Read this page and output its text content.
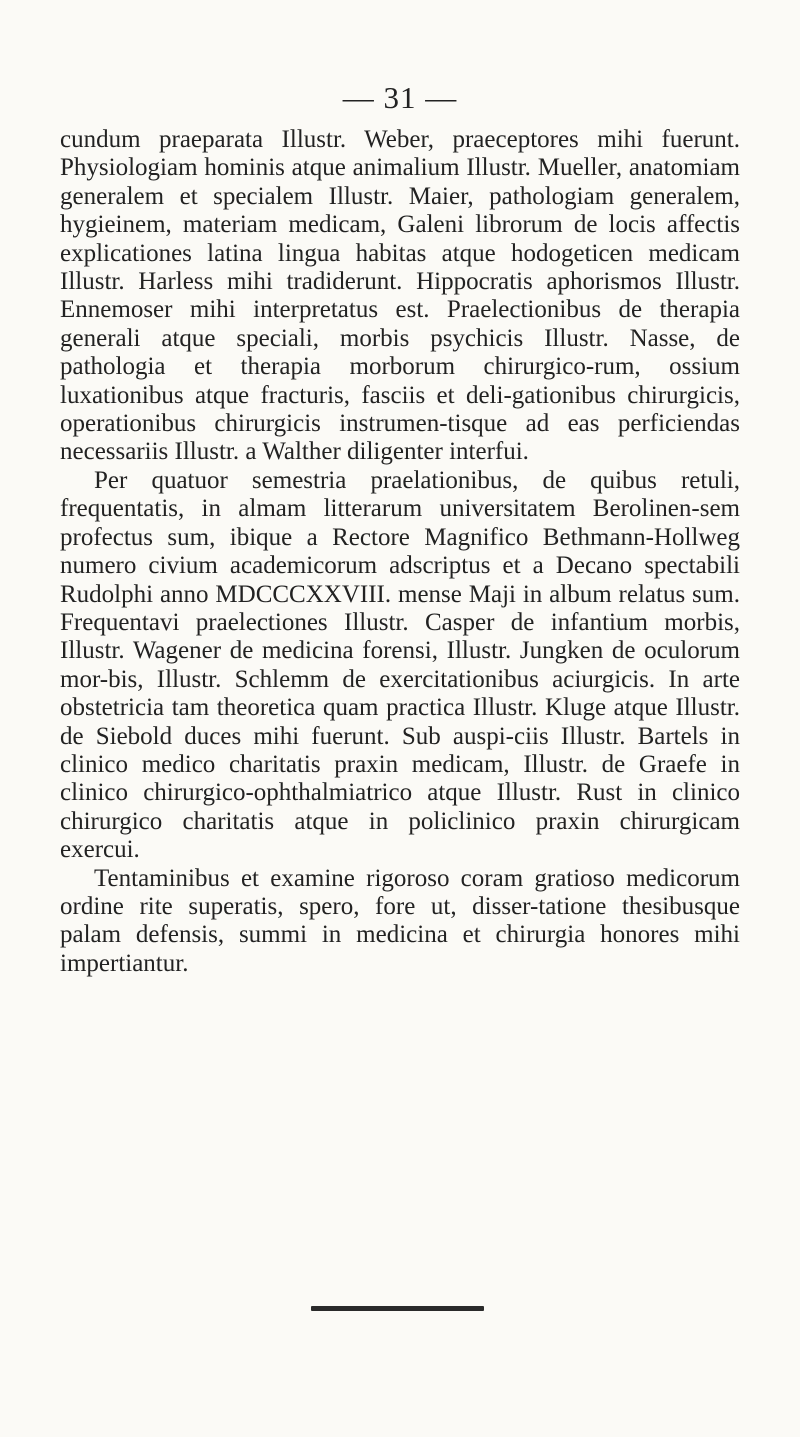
— 31 —

cundum praeparata Illustr. Weber, praeceptores mihi fuerunt. Physiologiam hominis atque animalium Illustr. Mueller, anatomiam generalem et specialem Illustr. Maier, pathologiam generalem, hygieinem, materiam medicam, Galeni librorum de locis affectis explicationes latina lingua habitas atque hodogeticen medicam Illustr. Harless mihi tradiderunt. Hippocratis aphorismos Illustr. Ennemoser mihi interpretatus est. Praelectionibus de therapia generali atque speciali, morbis psychicis Illustr. Nasse, de pathologia et therapia morborum chirurgico-rum, ossium luxationibus atque fracturis, fasciis et deli-gationibus chirurgicis, operationibus chirurgicis instrumen-tisque ad eas perficiendas necessariis Illustr. a Walther diligenter interfui.

Per quatuor semestria praelationibus, de quibus retuli, frequentatis, in almam litterarum universitatem Berolinen-sem profectus sum, ibique a Rectore Magnifico Bethmann-Hollweg numero civium academicorum adscriptus et a Decano spectabili Rudolphi anno MDCCCXXVIII. mense Maji in album relatus sum. Frequentavi praelectiones Illustr. Casper de infantium morbis, Illustr. Wagener de medicina forensi, Illustr. Jungken de oculorum mor-bis, Illustr. Schlemm de exercitationibus aciurgicis. In arte obstetricia tam theoretica quam practica Illustr. Kluge atque Illustr. de Siebold duces mihi fuerunt. Sub auspi-ciis Illustr. Bartels in clinico medico charitatis praxin medicam, Illustr. de Graefe in clinico chirurgico-ophthalmiatrico atque Illustr. Rust in clinico chirurgico charitatis atque in policlinico praxin chirurgicam exercui.

Tentaminibus et examine rigoroso coram gratioso medicorum ordine rite superatis, spero, fore ut, disser-tatione thesibusque palam defensis, summi in medicina et chirurgia honores mihi impertiantur.
